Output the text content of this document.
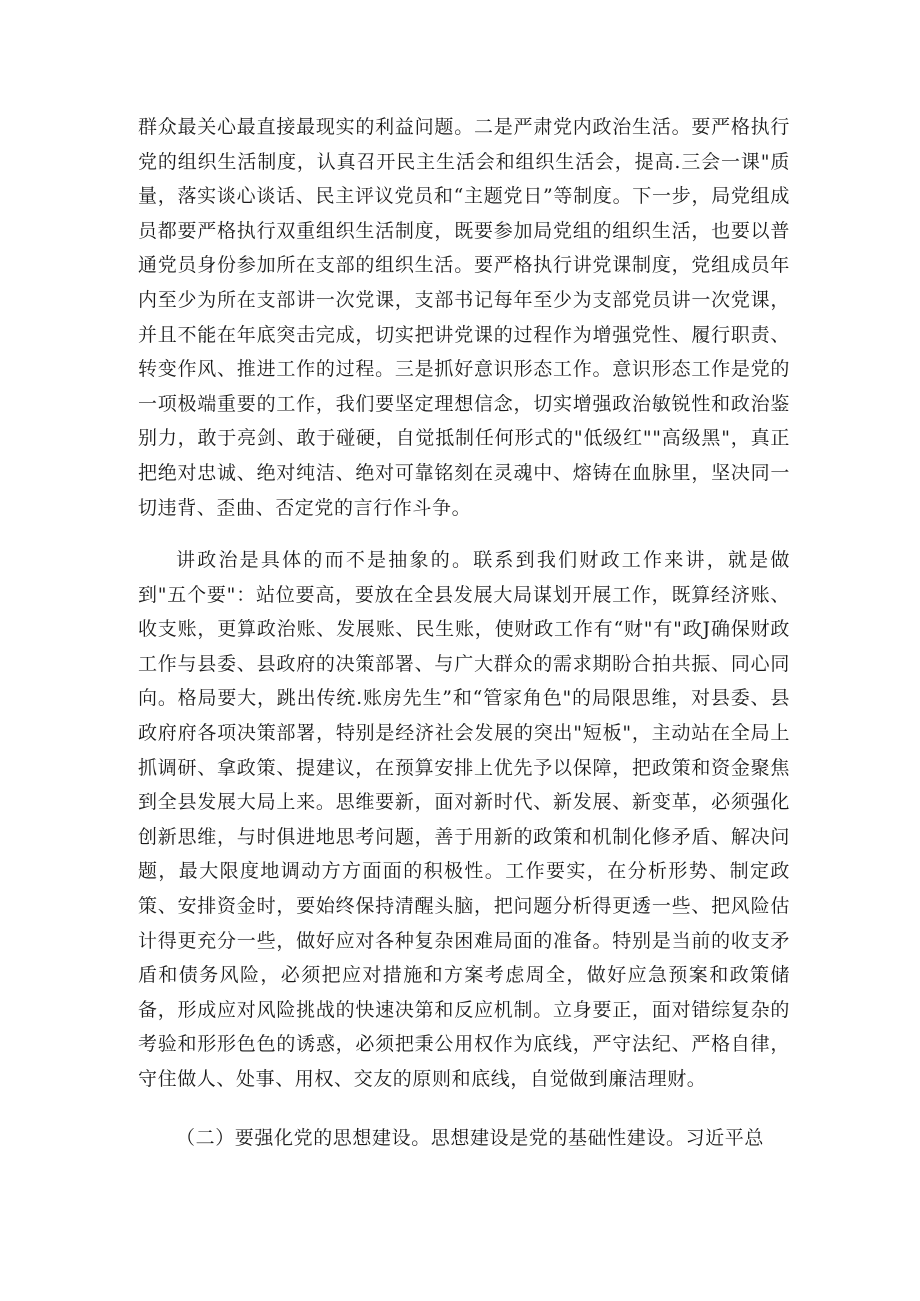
群众最关心最直接最现实的利益问题。二是严肃党内政治生活。要严格执行党的组织生活制度，认真召开民主生活会和组织生活会，提高.三会一课"质量，落实谈心谈话、民主评议党员和“主题党日”等制度。下一步，局党组成员都要严格执行双重组织生活制度，既要参加局党组的组织生活，也要以普通党员身份参加所在支部的组织生活。要严格执行讲党课制度，党组成员年内至少为所在支部讲一次党课，支部书记每年至少为支部党员讲一次党课，并且不能在年底突击完成，切实把讲党课的过程作为增强党性、履行职责、转变作风、推进工作的过程。三是抓好意识形态工作。意识形态工作是党的一项极端重要的工作，我们要坚定理想信念，切实增强政治敏锐性和政治鉴别力，敢于亮剑、敢于碰硬，自觉抵制任何形式的"低级红""高级黑"，真正把绝对忠诚、绝对纯洁、绝对可靠铭刻在灵魂中、熔铸在血脉里，坚决同一切违背、歪曲、否定党的言行作斗争。

讲政治是具体的而不是抽象的。联系到我们财政工作来讲，就是做到"五个要"：站位要高，要放在全县发展大局谋划开展工作，既算经济账、收支账，更算政治账、发展账、民生账，使财政工作有“财"有"政J确保财政工作与县委、县政府的决策部署、与广大群众的需求期盼合拍共振、同心同向。格局要大，跳出传统.账房先生”和“管家角色"的局限思维，对县委、县政府府各项决策部署，特别是经济社会发展的突出"短板"，主动站在全局上抓调研、拿政策、提建议，在预算安排上优先予以保障，把政策和资金聚焦到全县发展大局上来。思维要新，面对新时代、新发展、新变革，必须强化创新思维，与时俱进地思考问题，善于用新的政策和机制化修矛盾、解决问题，最大限度地调动方方面面的积极性。工作要实，在分析形势、制定政策、安排资金时，要始终保持清醒头脑，把问题分析得更透一些、把风险估计得更充分一些，做好应对各种复杂困难局面的准备。特别是当前的收支矛盾和债务风险，必须把应对措施和方案考虑周全，做好应急预案和政策储备，形成应对风险挑战的快速决第和反应机制。立身要正，面对错综复杂的考验和形形色色的诱惑，必须把秉公用权作为底线，严守法纪、严格自律，守住做人、处事、用权、交友的原则和底线，自觉做到廉洁理财。

（二）要强化党的思想建设。思想建设是党的基础性建设。习近平总
